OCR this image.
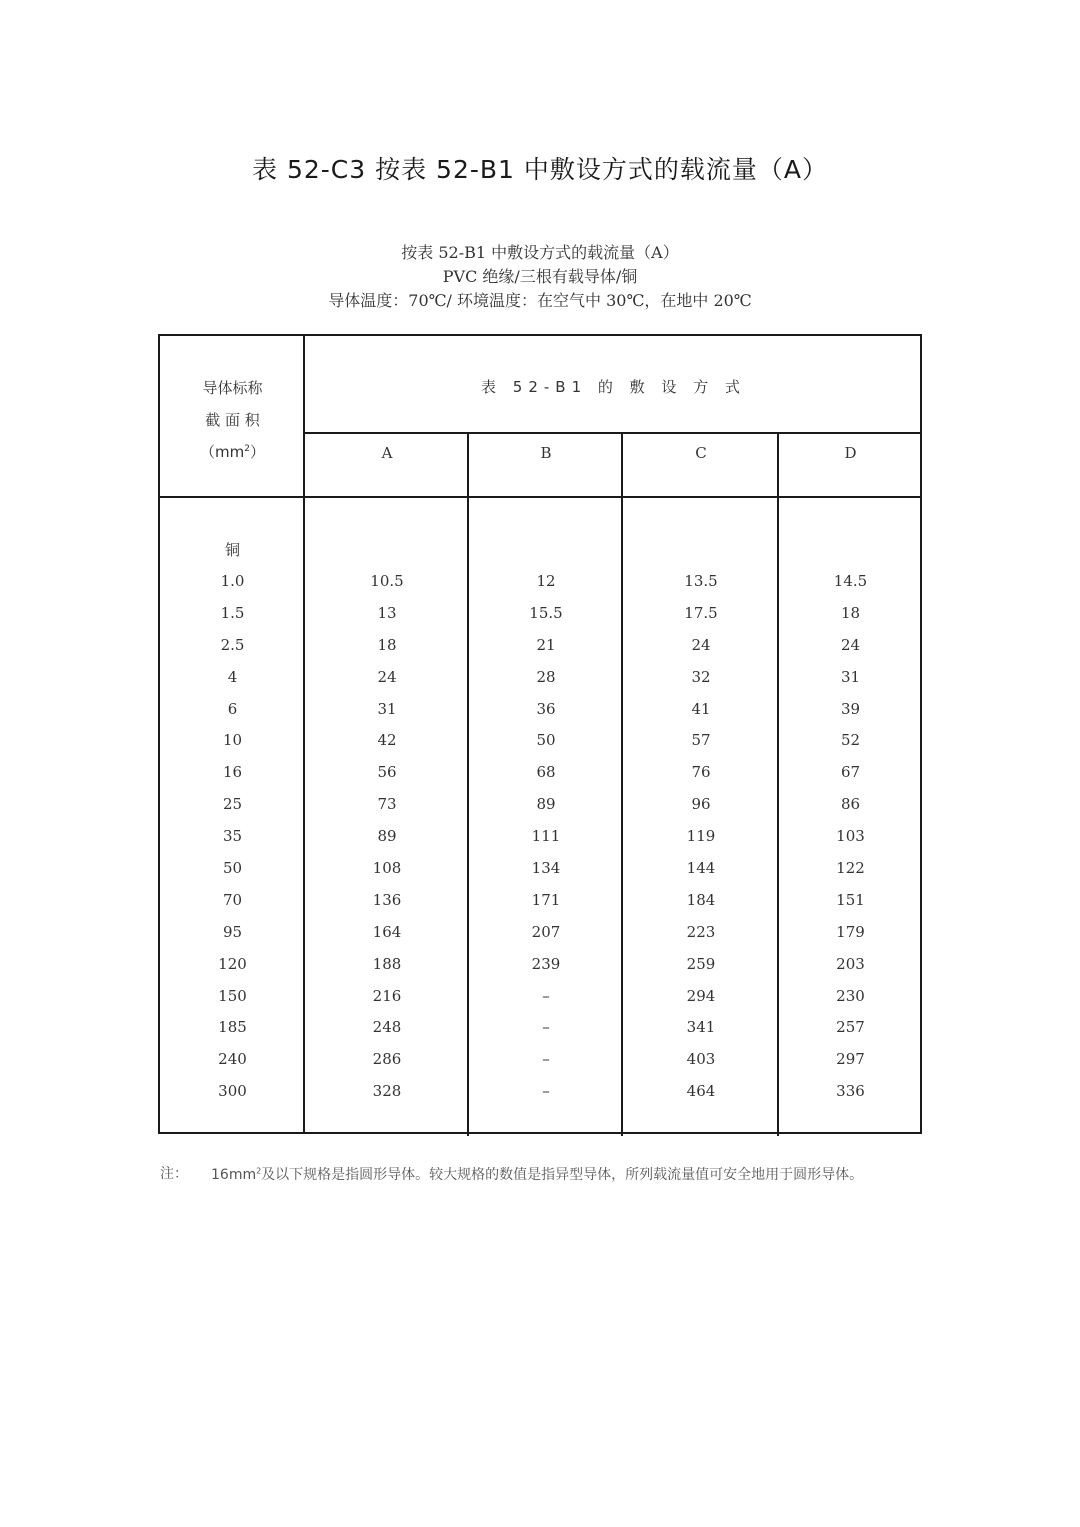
表 52-C3 按表 52-B1 中敷设方式的载流量（A）
按表 52-B1 中敷设方式的载流量（A）
PVC 绝缘/三根有载导体/铜
导体温度：70℃/ 环境温度：在空气中 30℃，在地中 20℃
导体标称
截 面 积
$(mm^2)$
表 52-B1 的 敷 设 方 式
A	B	C	D
铜
1.0	10.5	12	13.5	14.5
1.5	13	15.5	17.5	18
2.5	18	21	24	24
4	24	28	32	31
6	31	36	41	39
10	42	50	57	52
16	56	68	76	67
25	73	89	96	86
35	89	111	119	103
50	108	134	144	122
70	136	171	184	151
95	164	207	223	179
120	188	239	259	203
150	216	–	294	230
185	248	–	341	257
240	286	–	403	297
300	328	–	464	336
注： $16mm^2$及以下规格是指圆形导体。较大规格的数值是指异型导体，所列载流量值可安全地用于圆形导体。
